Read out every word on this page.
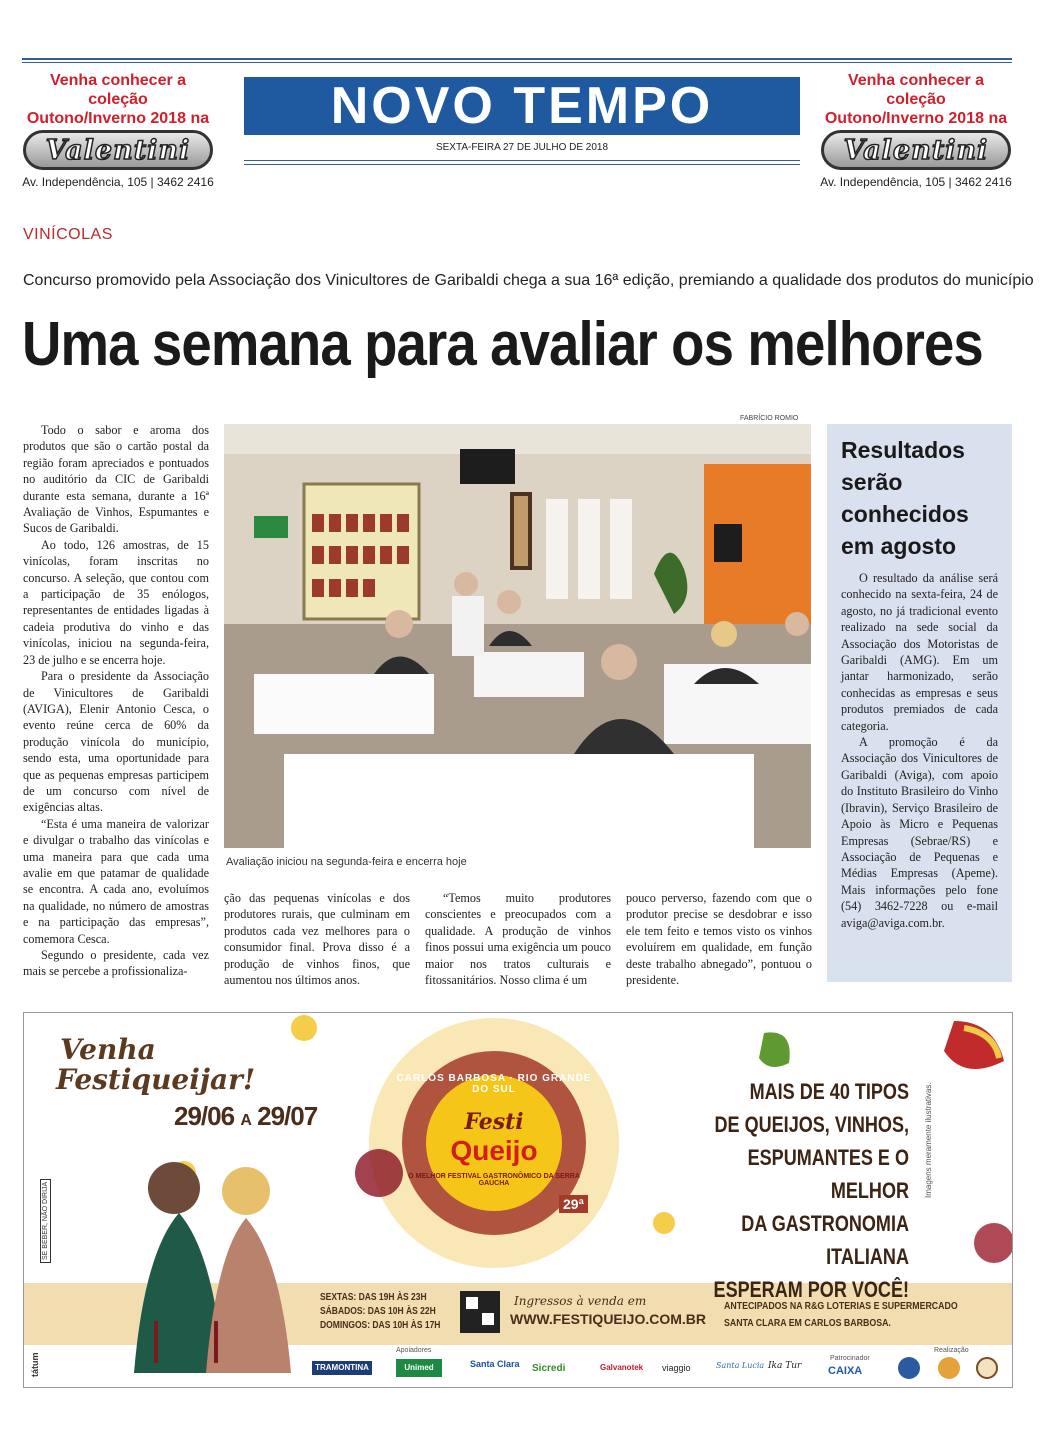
Venha conhecer a coleção
Outono/Inverno 2018 na
Valentini
Av. Independência, 105 | 3462 2416
NOVO TEMPO
SEXTA-FEIRA 27 DE JULHO DE 2018
Venha conhecer a coleção
Outono/Inverno 2018 na
Valentini
Av. Independência, 105 | 3462 2416
VINÍCOLAS
Concurso promovido pela Associação dos Vinicultores de Garibaldi chega a sua 16ª edição, premiando a qualidade dos produtos do município
Uma semana para avaliar os melhores

Todo o sabor e aroma dos produtos que são o cartão postal da região foram apreciados e pontuados no auditório da CIC de Garibaldi durante esta semana, durante a 16ª Avaliação de Vinhos, Espumantes e Sucos de Garibaldi.

Ao todo, 126 amostras, de 15 vinícolas, foram inscritas no concurso. A seleção, que contou com a participação de 35 enólogos, representantes de entidades ligadas à cadeia produtiva do vinho e das vinícolas, iniciou na segunda-feira, 23 de julho e se encerra hoje.

Para o presidente da Associação de Vinicultores de Garibaldi (AVIGA), Elenir Antonio Cesca, o evento reúne cerca de 60% da produção vinícola do município, sendo esta, uma oportunidade para que as pequenas empresas participem de um concurso com nível de exigências altas.

“Esta é uma maneira de valorizar e divulgar o trabalho das vinícolas e uma maneira para que cada uma avalie em que patamar de qualidade se encontra. A cada ano, evoluímos na qualidade, no número de amostras e na participação das empresas”, comemora Cesca.

Segundo o presidente, cada vez mais se percebe a profissionaliza-

FABRÍCIO ROMIO
Avaliação iniciou na segunda-feira e encerra hoje

ção das pequenas vinícolas e dos produtores rurais, que culminam em produtos cada vez melhores para o consumidor final. Prova disso é a produção de vinhos finos, que aumentou nos últimos anos.

“Temos muito produtores conscientes e preocupados com a qualidade. A produção de vinhos finos possui uma exigência um pouco maior nos tratos culturais e fitossanitários. Nosso clima é um

pouco perverso, fazendo com que o produtor precise se desdobrar e isso ele tem feito e temos visto os vinhos evoluírem em qualidade, em função deste trabalho abnegado”, pontuou o presidente.

Resultados serão conhecidos em agosto

O resultado da análise será conhecido na sexta-feira, 24 de agosto, no já tradicional evento realizado na sede social da Associação dos Motoristas de Garibaldi (AMG). Em um jantar harmonizado, serão conhecidas as empresas e seus produtos premiados de cada categoria.

A promoção é da Associação dos Vinicultores de Garibaldi (Aviga), com apoio do Instituto Brasileiro do Vinho (Ibravin), Serviço Brasileiro de Apoio às Micro e Pequenas Empresas (Sebrae/RS) e Associação de Pequenas e Médias Empresas (Apeme). Mais informações pelo fone (54) 3462-7228 ou e-mail aviga@aviga.com.br.

Venha
Festiqueijar!
29/06 A 29/07
CARLOS BARBOSA · RIO GRANDE DO SUL
Festi
Queijo
O MELHOR FESTIVAL GASTRONÔMICO DA SERRA GAÚCHA
29ª
MAIS DE 40 TIPOS
DE QUEIJOS, VINHOS,
ESPUMANTES E O MELHOR
DA GASTRONOMIA ITALIANA
ESPERAM POR VOCÊ!
Imagens meramente ilustrativas.
SE BEBER, NÃO DIRIJA
tátum
SEXTAS: DAS 19H ÀS 23H
SÁBADOS: DAS 10H ÀS 22H
DOMINGOS: DAS 10H ÀS 17H
Ingressos à venda em
WWW.FESTIQUEIJO.COM.BR
ANTECIPADOS NA R&G LOTERIAS E SUPERMERCADO
SANTA CLARA EM CARLOS BARBOSA.
Apoiadores
Patrocinador
Realização
TRAMONTINA	Unimed	Santa Clara Sicredi	Galvanotek viaggio	Santa Lucia Ika Tur CAIXA
